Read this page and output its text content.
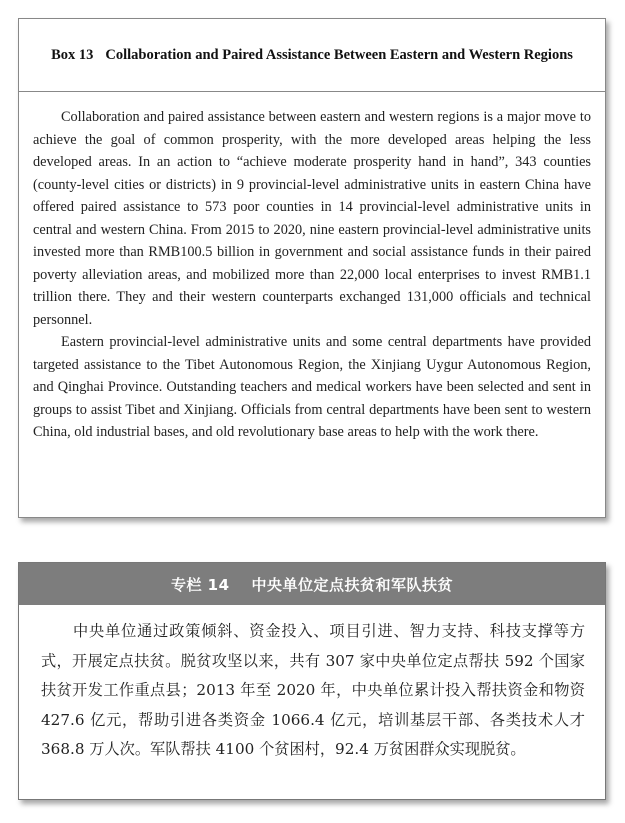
Box 13 Collaboration and Paired Assistance Between Eastern and Western Regions

Collaboration and paired assistance between eastern and western regions is a major move to achieve the goal of common prosperity, with the more developed areas helping the less developed areas. In an action to “achieve moderate prosperity hand in hand”, 343 counties (county-level cities or districts) in 9 provincial-level administrative units in eastern China have offered paired assistance to 573 poor counties in 14 provincial-level administrative units in central and western China. From 2015 to 2020, nine eastern provincial-level administrative units invested more than RMB100.5 billion in government and social assistance funds in their paired poverty alleviation areas, and mobilized more than 22,000 local enterprises to invest RMB1.1 trillion there. They and their western counterparts exchanged 131,000 officials and technical personnel.

Eastern provincial-level administrative units and some central departments have provided targeted assistance to the Tibet Autonomous Region, the Xinjiang Uygur Autonomous Region, and Qinghai Province. Outstanding teachers and medical workers have been selected and sent in groups to assist Tibet and Xinjiang. Officials from central departments have been sent to western China, old industrial bases, and old revolutionary base areas to help with the work there.

专栏 14 中央单位定点扶贫和军队扶贫

中央单位通过政策倾斜、资金投入、项目引进、智力支持、科技支撑等方式，开展定点扶贫。脱贫攻坚以来，共有 307 家中央单位定点帮扶 592 个国家扶贫开发工作重点县；2013 年至 2020 年，中央单位累计投入帮扶资金和物资 427.6 亿元，帮助引进各类资金 1066.4 亿元，培训基层干部、各类技术人才 368.8 万人次。军队帮扶 4100 个贫困村，92.4 万贫困群众实现脱贫。
